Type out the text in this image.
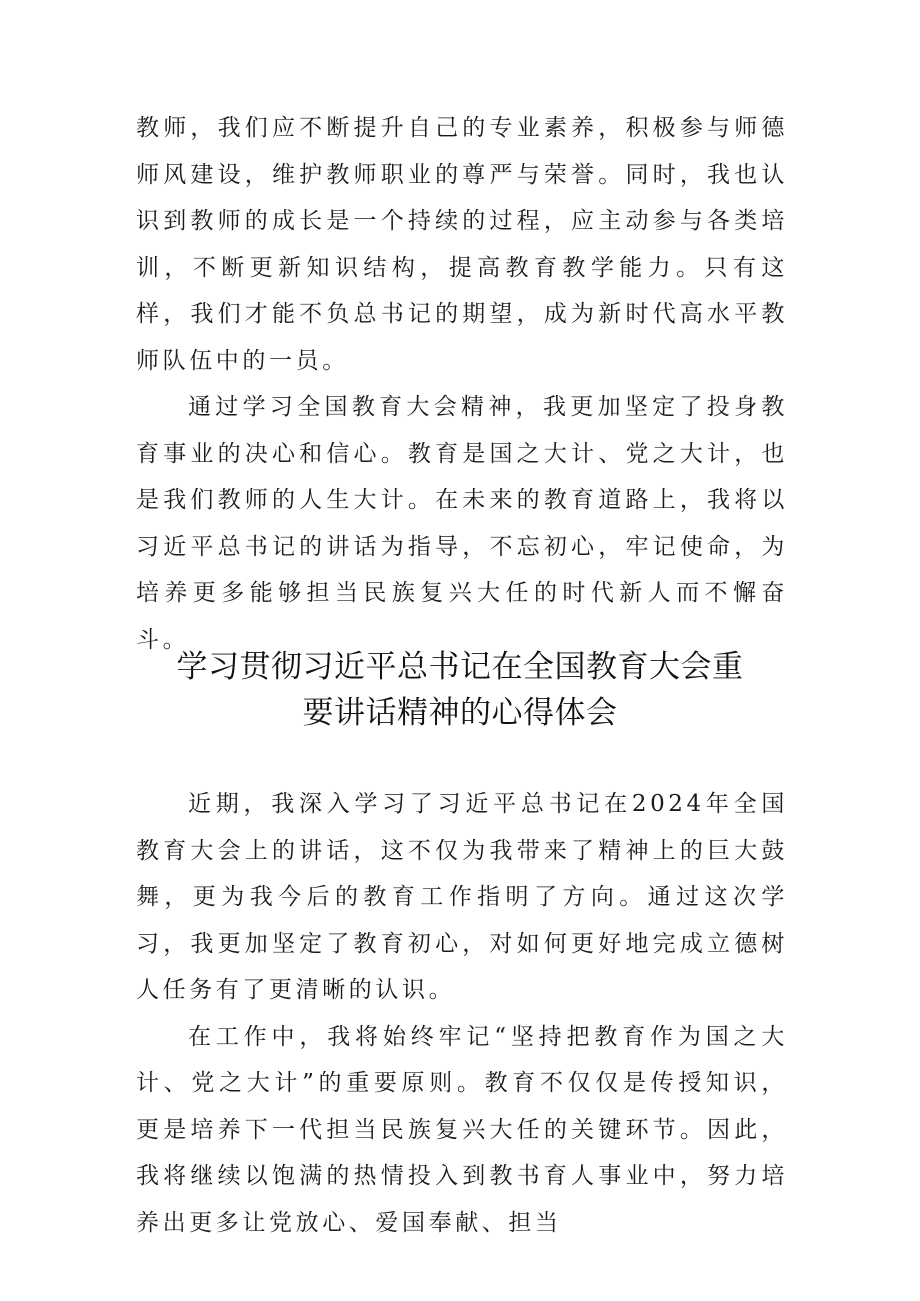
教师，我们应不断提升自己的专业素养，积极参与师德师风建设，维护教师职业的尊严与荣誉。同时，我也认识到教师的成长是一个持续的过程，应主动参与各类培训，不断更新知识结构，提高教育教学能力。只有这样，我们才能不负总书记的期望，成为新时代高水平教师队伍中的一员。

通过学习全国教育大会精神，我更加坚定了投身教育事业的决心和信心。教育是国之大计、党之大计，也是我们教师的人生大计。在未来的教育道路上，我将以习近平总书记的讲话为指导，不忘初心，牢记使命，为培养更多能够担当民族复兴大任的时代新人而不懈奋斗。

学习贯彻习近平总书记在全国教育大会重
要讲话精神的心得体会

近期，我深入学习了习近平总书记在2024年全国教育大会上的讲话，这不仅为我带来了精神上的巨大鼓舞，更为我今后的教育工作指明了方向。通过这次学习，我更加坚定了教育初心，对如何更好地完成立德树人任务有了更清晰的认识。

在工作中，我将始终牢记“坚持把教育作为国之大计、党之大计”的重要原则。教育不仅仅是传授知识，更是培养下一代担当民族复兴大任的关键环节。因此，我将继续以饱满的热情投入到教书育人事业中，努力培养出更多让党放心、爱国奉献、担当
